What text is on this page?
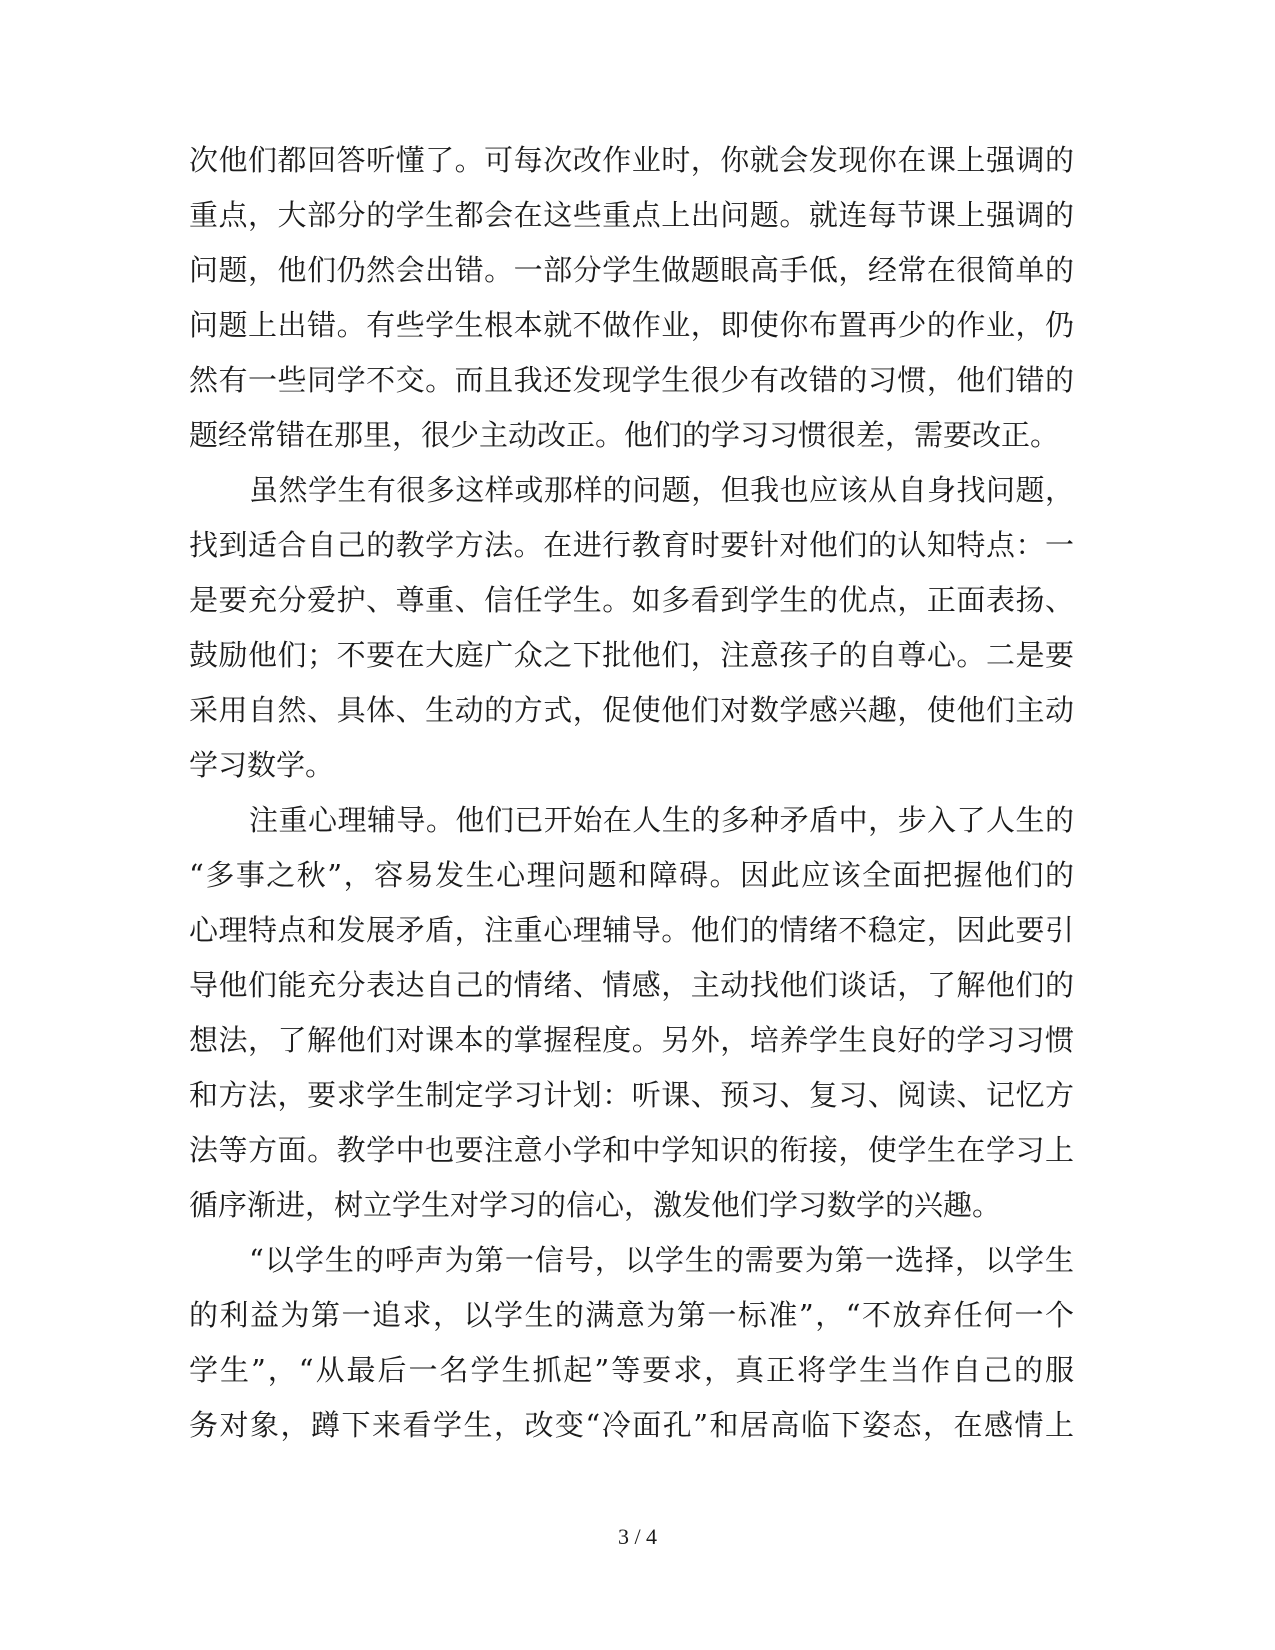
次他们都回答听懂了。可每次改作业时，你就会发现你在课上强调的
重点，大部分的学生都会在这些重点上出问题。就连每节课上强调的
问题，他们仍然会出错。一部分学生做题眼高手低，经常在很简单的
问题上出错。有些学生根本就不做作业，即使你布置再少的作业，仍
然有一些同学不交。而且我还发现学生很少有改错的习惯，他们错的
题经常错在那里，很少主动改正。他们的学习习惯很差，需要改正。
虽然学生有很多这样或那样的问题，但我也应该从自身找问题，
找到适合自己的教学方法。在进行教育时要针对他们的认知特点：一
是要充分爱护、尊重、信任学生。如多看到学生的优点，正面表扬、
鼓励他们；不要在大庭广众之下批他们，注意孩子的自尊心。二是要
采用自然、具体、生动的方式，促使他们对数学感兴趣，使他们主动
学习数学。
注重心理辅导。他们已开始在人生的多种矛盾中，步入了人生的
“多事之秋”，容易发生心理问题和障碍。因此应该全面把握他们的
心理特点和发展矛盾，注重心理辅导。他们的情绪不稳定，因此要引
导他们能充分表达自己的情绪、情感，主动找他们谈话，了解他们的
想法，了解他们对课本的掌握程度。另外，培养学生良好的学习习惯
和方法，要求学生制定学习计划：听课、预习、复习、阅读、记忆方
法等方面。教学中也要注意小学和中学知识的衔接，使学生在学习上
循序渐进，树立学生对学习的信心，激发他们学习数学的兴趣。
“以学生的呼声为第一信号，以学生的需要为第一选择，以学生
的利益为第一追求，以学生的满意为第一标准”，“不放弃任何一个
学生”，“从最后一名学生抓起”等要求，真正将学生当作自己的服
务对象，蹲下来看学生，改变“冷面孔”和居高临下姿态，在感情上
3 / 4
